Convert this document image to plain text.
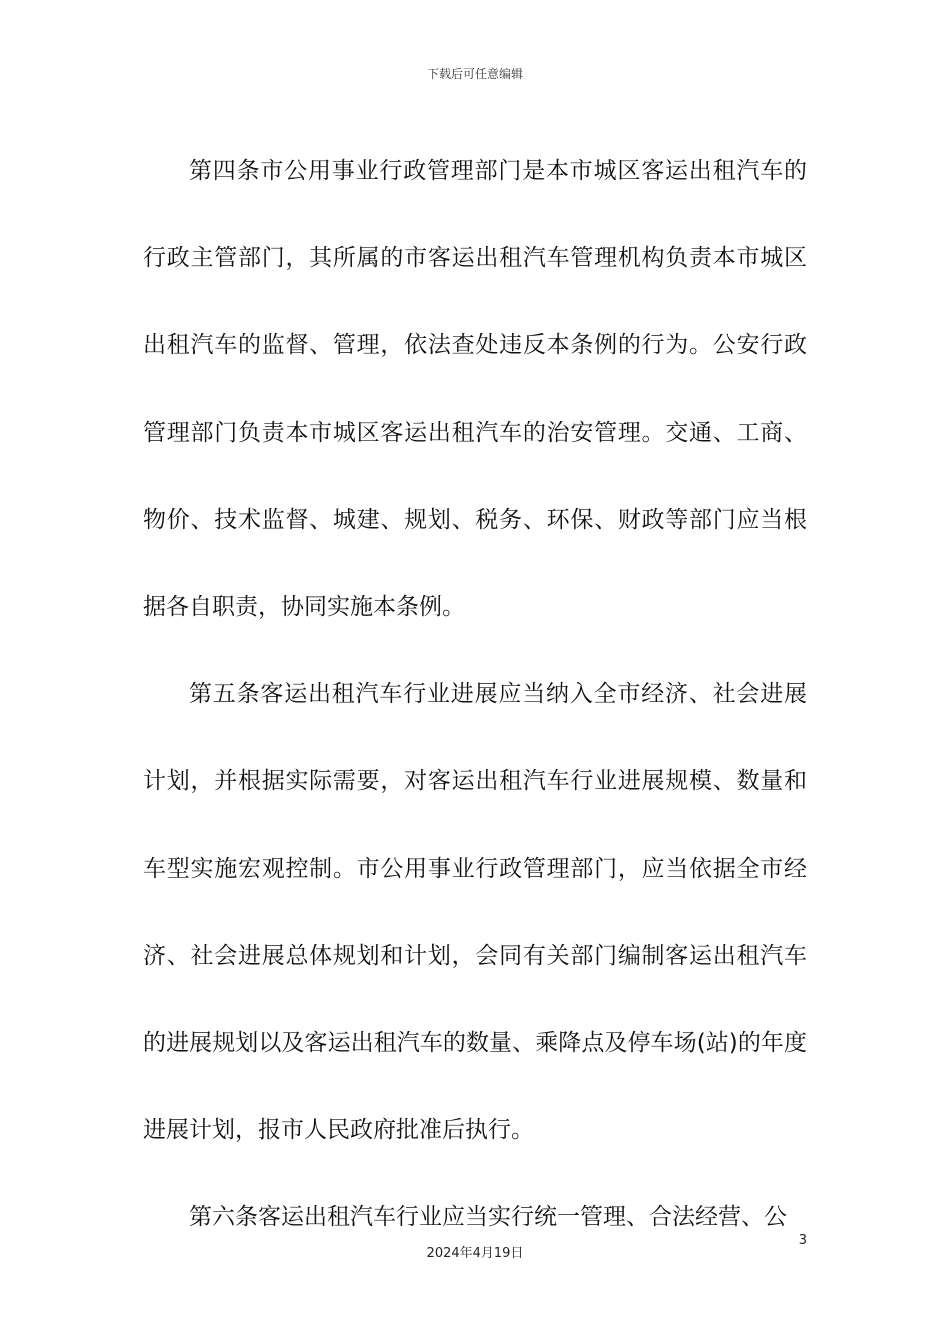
下载后可任意编辑

第四条市公用事业行政管理部门是本市城区客运出租汽车的行政主管部门，其所属的市客运出租汽车管理机构负责本市城区出租汽车的监督、管理，依法查处违反本条例的行为。公安行政管理部门负责本市城区客运出租汽车的治安管理。交通、工商、物价、技术监督、城建、规划、税务、环保、财政等部门应当根据各自职责，协同实施本条例。

第五条客运出租汽车行业进展应当纳入全市经济、社会进展计划，并根据实际需要，对客运出租汽车行业进展规模、数量和车型实施宏观控制。市公用事业行政管理部门，应当依据全市经济、社会进展总体规划和计划，会同有关部门编制客运出租汽车的进展规划以及客运出租汽车的数量、乘降点及停车场(站)的年度进展计划，报市人民政府批准后执行。

第六条客运出租汽车行业应当实行统一管理、合法经营、公

3
2024年4月19日
